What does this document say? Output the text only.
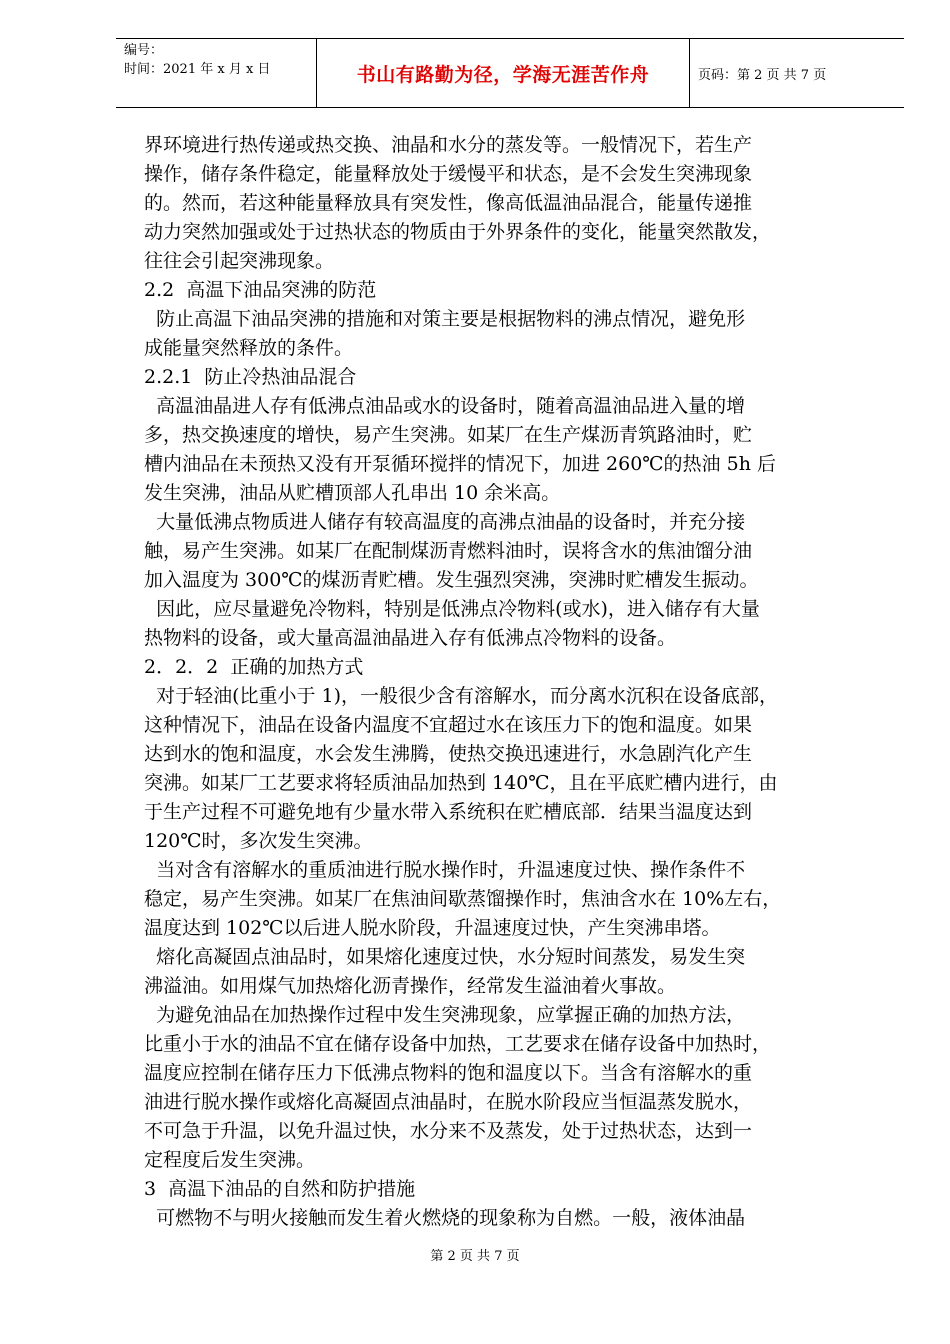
编号：
时间：2021 年 x 月 x 日	书山有路勤为径，学海无涯苦作舟	页码：第 2 页 共 7 页
界环境进行热传递或热交换、油晶和水分的蒸发等。一般情况下，若生产
操作，储存条件稳定，能量释放处于缓慢平和状态，是不会发生突沸现象
的。然而，若这种能量释放具有突发性，像高低温油品混合，能量传递推
动力突然加强或处于过热状态的物质由于外界条件的变化，能量突然散发，
往往会引起突沸现象。
2.2  高温下油品突沸的防范
防止高温下油品突沸的措施和对策主要是根据物料的沸点情况，避免形
成能量突然释放的条件。
2.2.1  防止冷热油品混合
高温油晶进人存有低沸点油品或水的设备时，随着高温油品进入量的增
多，热交换速度的增快，易产生突沸。如某厂在生产煤沥青筑路油时，贮
槽内油品在未预热又没有开泵循环搅拌的情况下，加进 260℃的热油 5h 后
发生突沸，油品从贮槽顶部人孔串出 10 余米高。
大量低沸点物质进人储存有较高温度的高沸点油晶的设备时，并充分接
触，易产生突沸。如某厂在配制煤沥青燃料油时，误将含水的焦油馏分油
加入温度为 300℃的煤沥青贮槽。发生强烈突沸，突沸时贮槽发生振动。
因此，应尽量避免冷物料，特别是低沸点冷物料(或水)，进入储存有大量
热物料的设备，或大量高温油晶进入存有低沸点冷物料的设备。
2．2．2  正确的加热方式
对于轻油(比重小于 1)，一般很少含有溶解水，而分离水沉积在设备底部，
这种情况下，油品在设备内温度不宜超过水在该压力下的饱和温度。如果
达到水的饱和温度，水会发生沸腾，使热交换迅速进行，水急剧汽化产生
突沸。如某厂工艺要求将轻质油品加热到 140℃，且在平底贮槽内进行，由
于生产过程不可避免地有少量水带入系统积在贮槽底部．结果当温度达到
120℃时，多次发生突沸。
当对含有溶解水的重质油进行脱水操作时，升温速度过快、操作条件不
稳定，易产生突沸。如某厂在焦油间歇蒸馏操作时，焦油含水在 10%左右，
温度达到 102℃以后进人脱水阶段，升温速度过快，产生突沸串塔。
熔化高凝固点油品时，如果熔化速度过快，水分短时间蒸发，易发生突
沸溢油。如用煤气加热熔化沥青操作，经常发生溢油着火事故。
为避免油品在加热操作过程中发生突沸现象，应掌握正确的加热方法，
比重小于水的油品不宜在储存设备中加热，工艺要求在储存设备中加热时，
温度应控制在储存压力下低沸点物料的饱和温度以下。当含有溶解水的重
油进行脱水操作或熔化高凝固点油晶时，在脱水阶段应当恒温蒸发脱水，
不可急于升温，以免升温过快，水分来不及蒸发，处于过热状态，达到一
定程度后发生突沸。
3  高温下油品的自然和防护措施
可燃物不与明火接触而发生着火燃烧的现象称为自燃。一般，液体油晶
第 2 页 共 7 页
